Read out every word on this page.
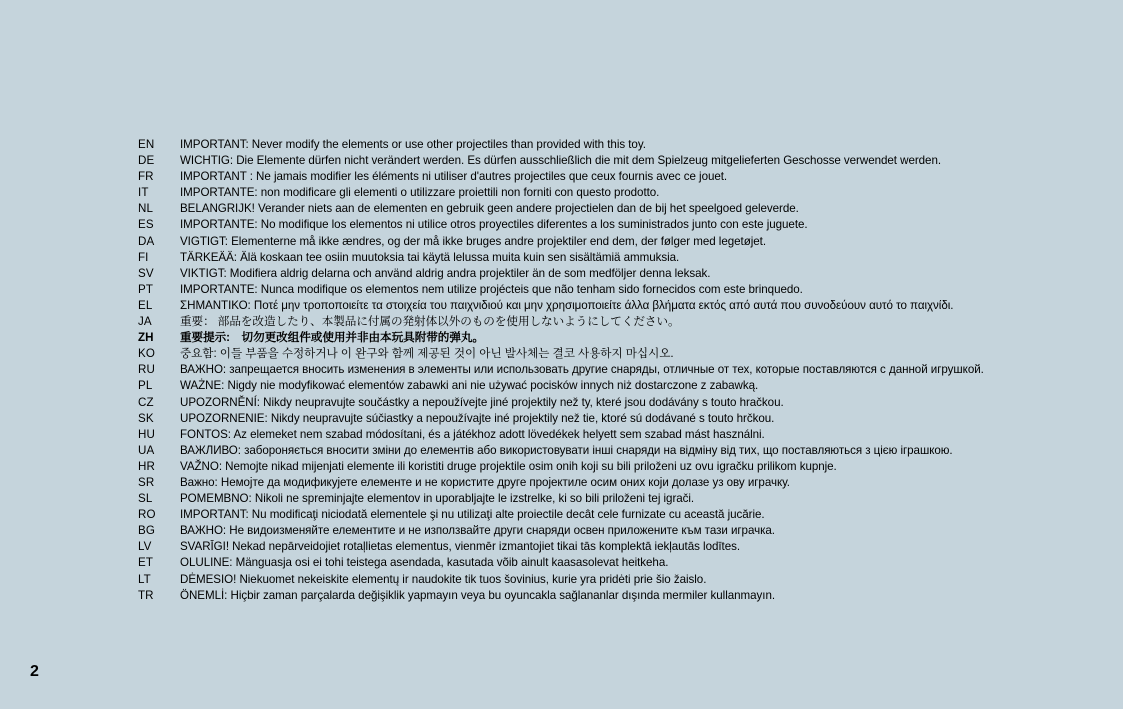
EN	IMPORTANT: Never modify the elements or use other projectiles than provided with this toy.
DE	WICHTIG: Die Elemente dürfen nicht verändert werden. Es dürfen ausschließlich die mit dem Spielzeug mitgelieferten Geschosse verwendet werden.
FR	IMPORTANT : Ne jamais modifier les éléments ni utiliser d'autres projectiles que ceux fournis avec ce jouet.
IT	IMPORTANTE: non modificare gli elementi o utilizzare proiettili non forniti con questo prodotto.
NL	BELANGRIJK! Verander niets aan de elementen en gebruik geen andere projectielen dan de bij het speelgoed geleverde.
ES	IMPORTANTE: No modifique los elementos ni utilice otros proyectiles diferentes a los suministrados junto con este juguete.
DA	VIGTIGT: Elementerne må ikke ændres, og der må ikke bruges andre projektiler end dem, der følger med legetøjet.
FI	TÄRKEÄÄ: Älä koskaan tee osiin muutoksia tai käytä lelussa muita kuin sen sisältämiä ammuksia.
SV	VIKTIGT: Modifiera aldrig delarna och använd aldrig andra projektiler än de som medföljer denna leksak.
PT	IMPORTANTE: Nunca modifique os elementos nem utilize projécteis que não tenham sido fornecidos com este brinquedo.
EL	ΣΗΜΑΝΤΙΚΟ: Ποτέ μην τροποποιείτε τα στοιχεία του παιχνιδιού και μην χρησιμοποιείτε άλλα βλήματα εκτός από αυτά που συνοδεύουν αυτό το παιχνίδι.
JA	重要： 部品を改造したり、本製品に付属の発射体以外のものを使用しないようにしてください。
ZH	重要提示:　切勿更改组件或使用并非由本玩具附带的弹丸。
KO	중요함: 이들 부품을 수정하거나 이 완구와 함께 제공된 것이 아닌 발사체는 결코 사용하지 마십시오.
RU	ВАЖНО: запрещается вносить изменения в элементы или использовать другие снаряды, отличные от тех, которые поставляются с данной игрушкой.
PL	WAŻNE: Nigdy nie modyfikować elementów zabawki ani nie używać pocisków innych niż dostarczone z zabawką.
CZ	UPOZORNĚNÍ: Nikdy neupravujte součástky a nepoužívejte jiné projektily než ty, které jsou dodávány s touto hračkou.
SK	UPOZORNENIE: Nikdy neupravujte súčiastky a nepoužívajte iné projektily než tie, ktoré sú dodávané s touto hrčkou.
HU	FONTOS: Az elemeket nem szabad módosítani, és a játékhoz adott lövedékek helyett sem szabad mást használni.
UA	ВАЖЛИВО: забороняється вносити зміни до елементів або використовувати інші снаряди на відміну від тих, що поставляються з цією іграшкою.
HR	VAŽNO: Nemojte nikad mijenjati elemente ili koristiti druge projektile osim onih koji su bili priloženi uz ovu igračku prilikom kupnje.
SR	Важно: Немојте да модификујете елементе и не користите друге пројектиле осим оних који долазе уз ову играчку.
SL	POMEMBNO: Nikoli ne spreminjajte elementov in uporabljajte le izstrelke, ki so bili priloženi tej igrači.
RO	IMPORTANT: Nu modificaţi niciodată elementele şi nu utilizaţi alte proiectile decât cele furnizate cu această jucărie.
BG	ВАЖНО: Не видоизменяйте елементите и не използвайте други снаряди освен приложените към тази играчка.
LV	SVARĪGI! Nekad nepārveidojiet rotaļlietas elementus, vienmēr izmantojiet tikai tās komplektā iekļautās lodītes.
ET	OLULINE: Mänguasja osi ei tohi teistega asendada, kasutada võib ainult kaasasolevat heitkeha.
LT	DĖMESIO! Niekuomet nekeiskite elementų ir naudokite tik tuos šovinius, kurie yra pridėti prie šio žaislo.
TR	ÖNEMLİ: Hiçbir zaman parçalarda değişiklik yapmayın veya bu oyuncakla sağlananlar dışında mermiler kullanmayın.
2
